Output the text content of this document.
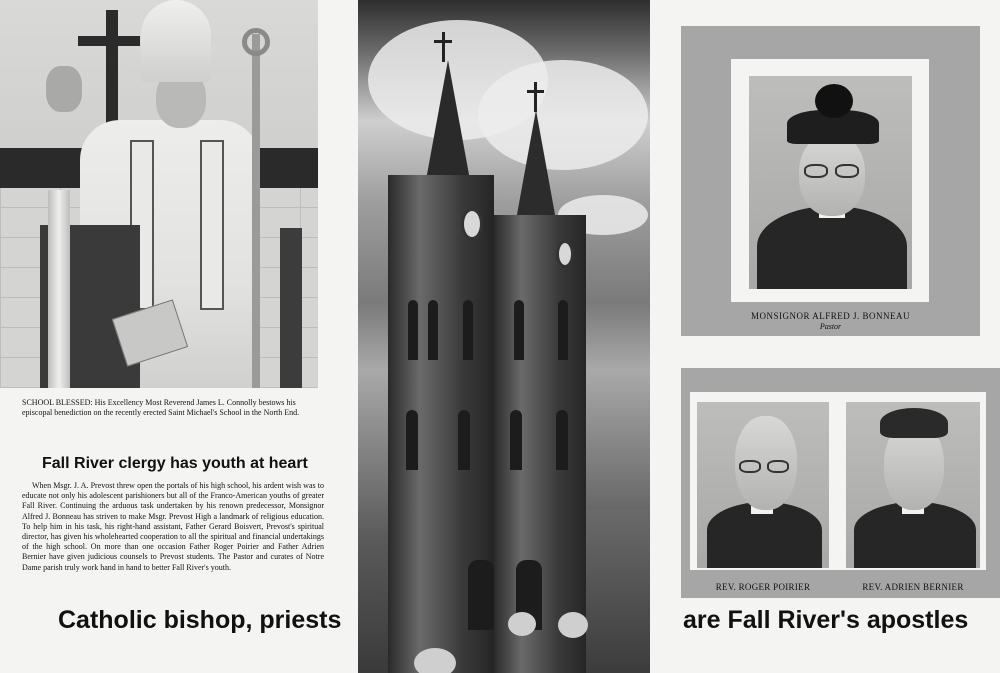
SCHOOL BLESSED: His Excellency Most Reverend James L. Connolly bestows his episcopal benediction on the recently erected Saint Michael's School in the North End.

Fall River clergy has youth at heart

When Msgr. J. A. Prevost threw open the portals of his high school, his ardent wish was to educate not only his adolescent parishioners but all of the Franco-American youths of greater Fall River. Continuing the arduous task undertaken by his renown predecessor, Monsignor Alfred J. Bonneau has striven to make Msgr. Prevost High a landmark of religious education. To help him in his task, his right-hand assistant, Father Gerard Boisvert, Prevost's spiritual director, has given his wholehearted cooperation to all the spiritual and financial undertakings of the high school. On more than one occasion Father Roger Poirier and Father Adrien Bernier have given judicious counsels to Prevost students. The Pastor and curates of Notre Dame parish truly work hand in hand to better Fall River's youth.

MONSIGNOR ALFRED J. BONNEAU

Pastor

REV. ROGER POIRIER	REV. ADRIEN BERNIER

Catholic bishop, priests	are Fall River's apostles
